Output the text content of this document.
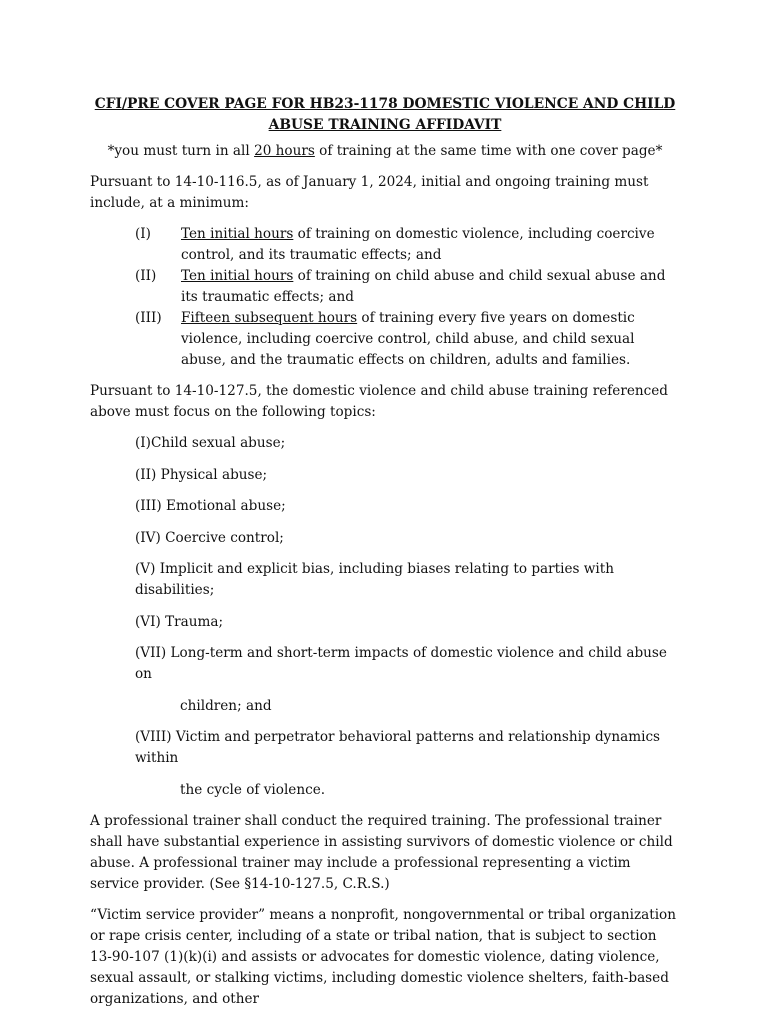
CFI/PRE COVER PAGE FOR HB23-1178 DOMESTIC VIOLENCE AND CHILD ABUSE TRAINING AFFIDAVIT

*you must turn in all 20 hours of training at the same time with one cover page*

Pursuant to 14-10-116.5, as of January 1, 2024, initial and ongoing training must include, at a minimum:

(I) Ten initial hours of training on domestic violence, including coercive control, and its traumatic effects; and
(II) Ten initial hours of training on child abuse and child sexual abuse and its traumatic effects; and
(III) Fifteen subsequent hours of training every five years on domestic violence, including coercive control, child abuse, and child sexual abuse, and the traumatic effects on children, adults and families.

Pursuant to 14-10-127.5, the domestic violence and child abuse training referenced above must focus on the following topics:

(I)Child sexual abuse;
(II) Physical abuse;
(III) Emotional abuse;
(IV) Coercive control;
(V) Implicit and explicit bias, including biases relating to parties with disabilities;
(VI) Trauma;
(VII) Long-term and short-term impacts of domestic violence and child abuse on
children; and
(VIII) Victim and perpetrator behavioral patterns and relationship dynamics within
the cycle of violence.

A professional trainer shall conduct the required training. The professional trainer shall have substantial experience in assisting survivors of domestic violence or child abuse. A professional trainer may include a professional representing a victim service provider. (See §14-10-127.5, C.R.S.)

“Victim service provider” means a nonprofit, nongovernmental or tribal organization or rape crisis center, including of a state or tribal nation, that is subject to section 13-90-107 (1)(k)(i) and assists or advocates for domestic violence, dating violence, sexual assault, or stalking victims, including domestic violence shelters, faith-based organizations, and other
